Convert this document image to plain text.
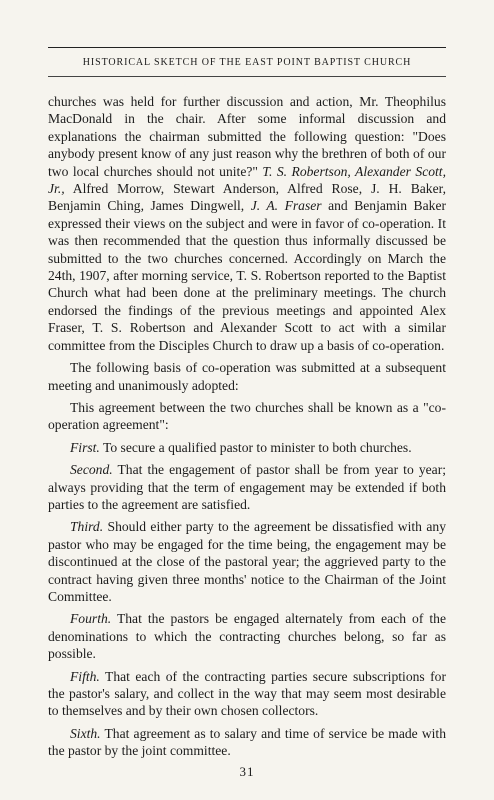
HISTORICAL SKETCH OF THE EAST POINT BAPTIST CHURCH

churches was held for further discussion and action, Mr. Theophilus MacDonald in the chair. After some informal discussion and explanations the chairman submitted the following question: "Does anybody present know of any just reason why the brethren of both of our two local churches should not unite?" T. S. Robertson, Alexander Scott, Jr., Alfred Morrow, Stewart Anderson, Alfred Rose, J. H. Baker, Benjamin Ching, James Dingwell, J. A. Fraser and Benjamin Baker expressed their views on the subject and were in favor of co-operation. It was then recommended that the question thus informally discussed be submitted to the two churches concerned. Accordingly on March the 24th, 1907, after morning service, T. S. Robertson reported to the Baptist Church what had been done at the preliminary meetings. The church endorsed the findings of the previous meetings and appointed Alex Fraser, T. S. Robertson and Alexander Scott to act with a similar committee from the Disciples Church to draw up a basis of co-operation.

The following basis of co-operation was submitted at a subsequent meeting and unanimously adopted:

This agreement between the two churches shall be known as a "co-operation agreement":

First. To secure a qualified pastor to minister to both churches.

Second. That the engagement of pastor shall be from year to year; always providing that the term of engagement may be extended if both parties to the agreement are satisfied.

Third. Should either party to the agreement be dissatisfied with any pastor who may be engaged for the time being, the engagement may be discontinued at the close of the pastoral year; the aggrieved party to the contract having given three months' notice to the Chairman of the Joint Committee.

Fourth. That the pastors be engaged alternately from each of the denominations to which the contracting churches belong, so far as possible.

Fifth. That each of the contracting parties secure subscriptions for the pastor's salary, and collect in the way that may seem most desirable to themselves and by their own chosen collectors.

Sixth. That agreement as to salary and time of service be made with the pastor by the joint committee.

31
